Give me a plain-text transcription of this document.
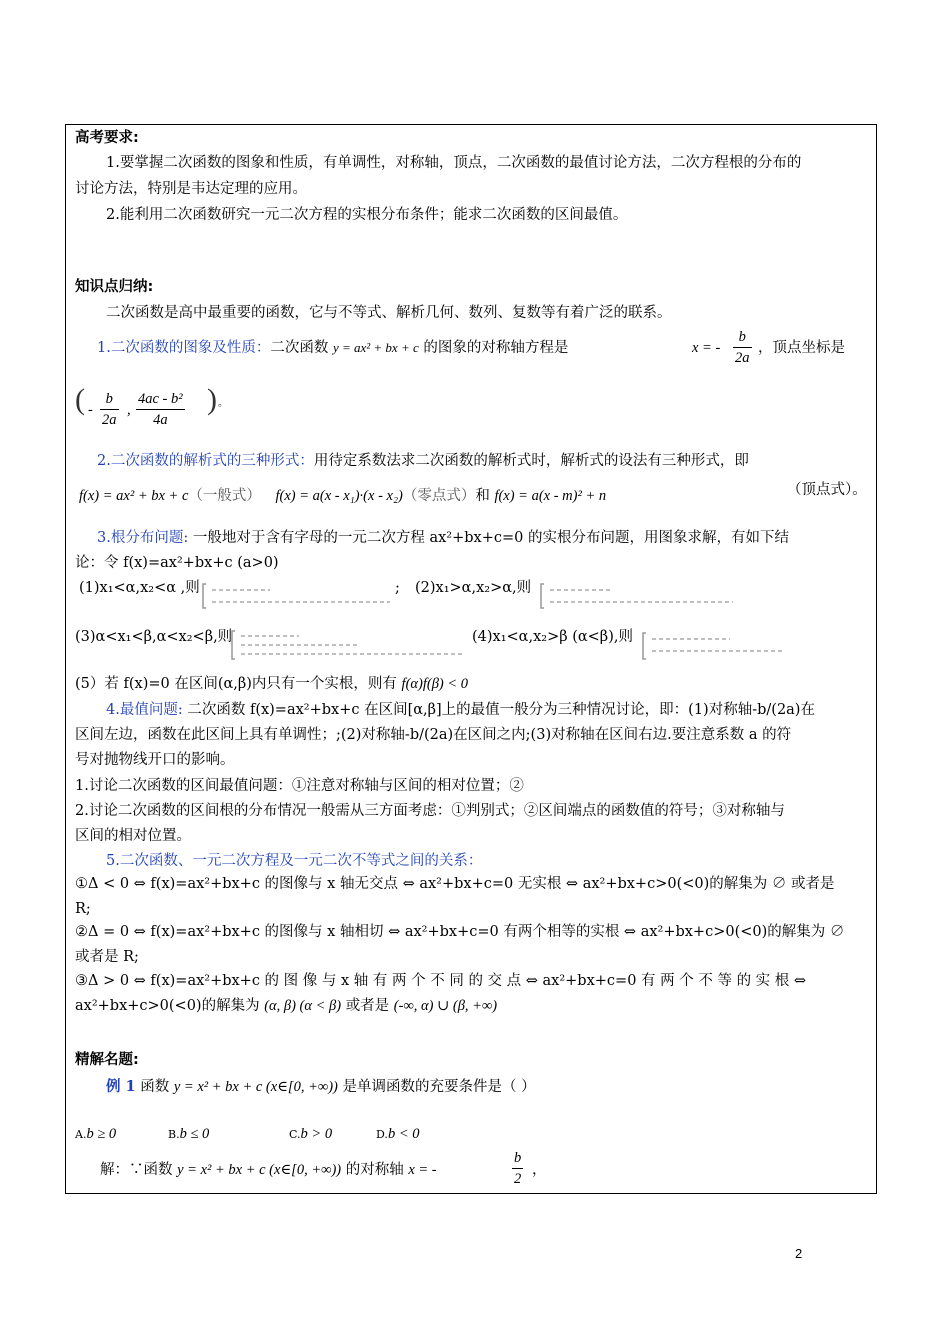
高考要求:
1.要掌握二次函数的图象和性质，有单调性，对称轴，顶点，二次函数的最值讨论方法，二次方程根的分布的
讨论方法，特别是韦达定理的应用。
2.能利用二次函数研究一元二次方程的实根分布条件；能求二次函数的区间最值。
知识点归纳:
二次函数是高中最重要的函数，它与不等式、解析几何、数列、复数等有着广泛的联系。
1.二次函数的图象及性质：二次函数 y = ax² + bx + c 的图象的对称轴方程是	x = - $\frac{b}{2a}$ ，顶点坐标是
( - $\frac{b}{2a}$ , $\frac{\text{4ac - b²}}{4a}$ ) 。
2.二次函数的解析式的三种形式：用待定系数法求二次函数的解析式时，解析式的设法有三种形式，即
f(x) = ax² + bx + c（一般式） f(x) = a(x - x₁)·(x - x₂)（零点式）和 f(x) = a(x - m)² + n	（顶点式）。
3.根分布问题: 一般地对于含有字母的一元二次方程 ax²+bx+c=0 的实根分布问题，用图象求解，有如下结
论：令 f(x)=ax²+bx+c (a>0)
(1)x₁<α,x₂<α ,则	; (2)x₁>α,x₂>α,则
(3)α<x₁<β,α<x₂<β,则	(4)x₁<α,x₂>β (α<β),则
(5）若 f(x)=0 在区间(α,β)内只有一个实根，则有 f(α)f(β) < 0
4.最值问题: 二次函数 f(x)=ax²+bx+c 在区间[α,β]上的最值一般分为三种情况讨论，即：(1)对称轴-b/(2a)在
区间左边，函数在此区间上具有单调性；;(2)对称轴-b/(2a)在区间之内;(3)对称轴在区间右边.要注意系数 a 的符
号对抛物线开口的影响。
1.讨论二次函数的区间最值问题：①注意对称轴与区间的相对位置；②
2.讨论二次函数的区间根的分布情况一般需从三方面考虑：①判别式；②区间端点的函数值的符号；③对称轴与
区间的相对位置。
5.二次函数、一元二次方程及一元二次不等式之间的关系：
①Δ < 0 ⇔ f(x)=ax²+bx+c 的图像与 x 轴无交点 ⇔ ax²+bx+c=0 无实根 ⇔ ax²+bx+c>0(<0)的解集为 ∅ 或者是
R;
②Δ = 0 ⇔ f(x)=ax²+bx+c 的图像与 x 轴相切 ⇔ ax²+bx+c=0 有两个相等的实根 ⇔ ax²+bx+c>0(<0)的解集为 ∅
或者是 R;
③Δ > 0 ⇔ f(x)=ax²+bx+c 的 图 像 与 x 轴 有 两 个 不 同 的 交 点 ⇔ ax²+bx+c=0 有 两 个 不 等 的 实 根 ⇔
ax²+bx+c>0(<0)的解集为 (α, β) (α < β) 或者是 (-∞, α) ∪ (β, +∞)
精解名题:
例 1 函数 y = x² + bx + c (x∈[0, +∞)) 是单调函数的充要条件是（ ）
A.b ≥ 0	B.b ≤ 0	C.b > 0	D.b < 0
解：∵函数 y = x² + bx + c (x∈[0, +∞)) 的对称轴 x = -	$\frac{b}{2}$ ，
2
